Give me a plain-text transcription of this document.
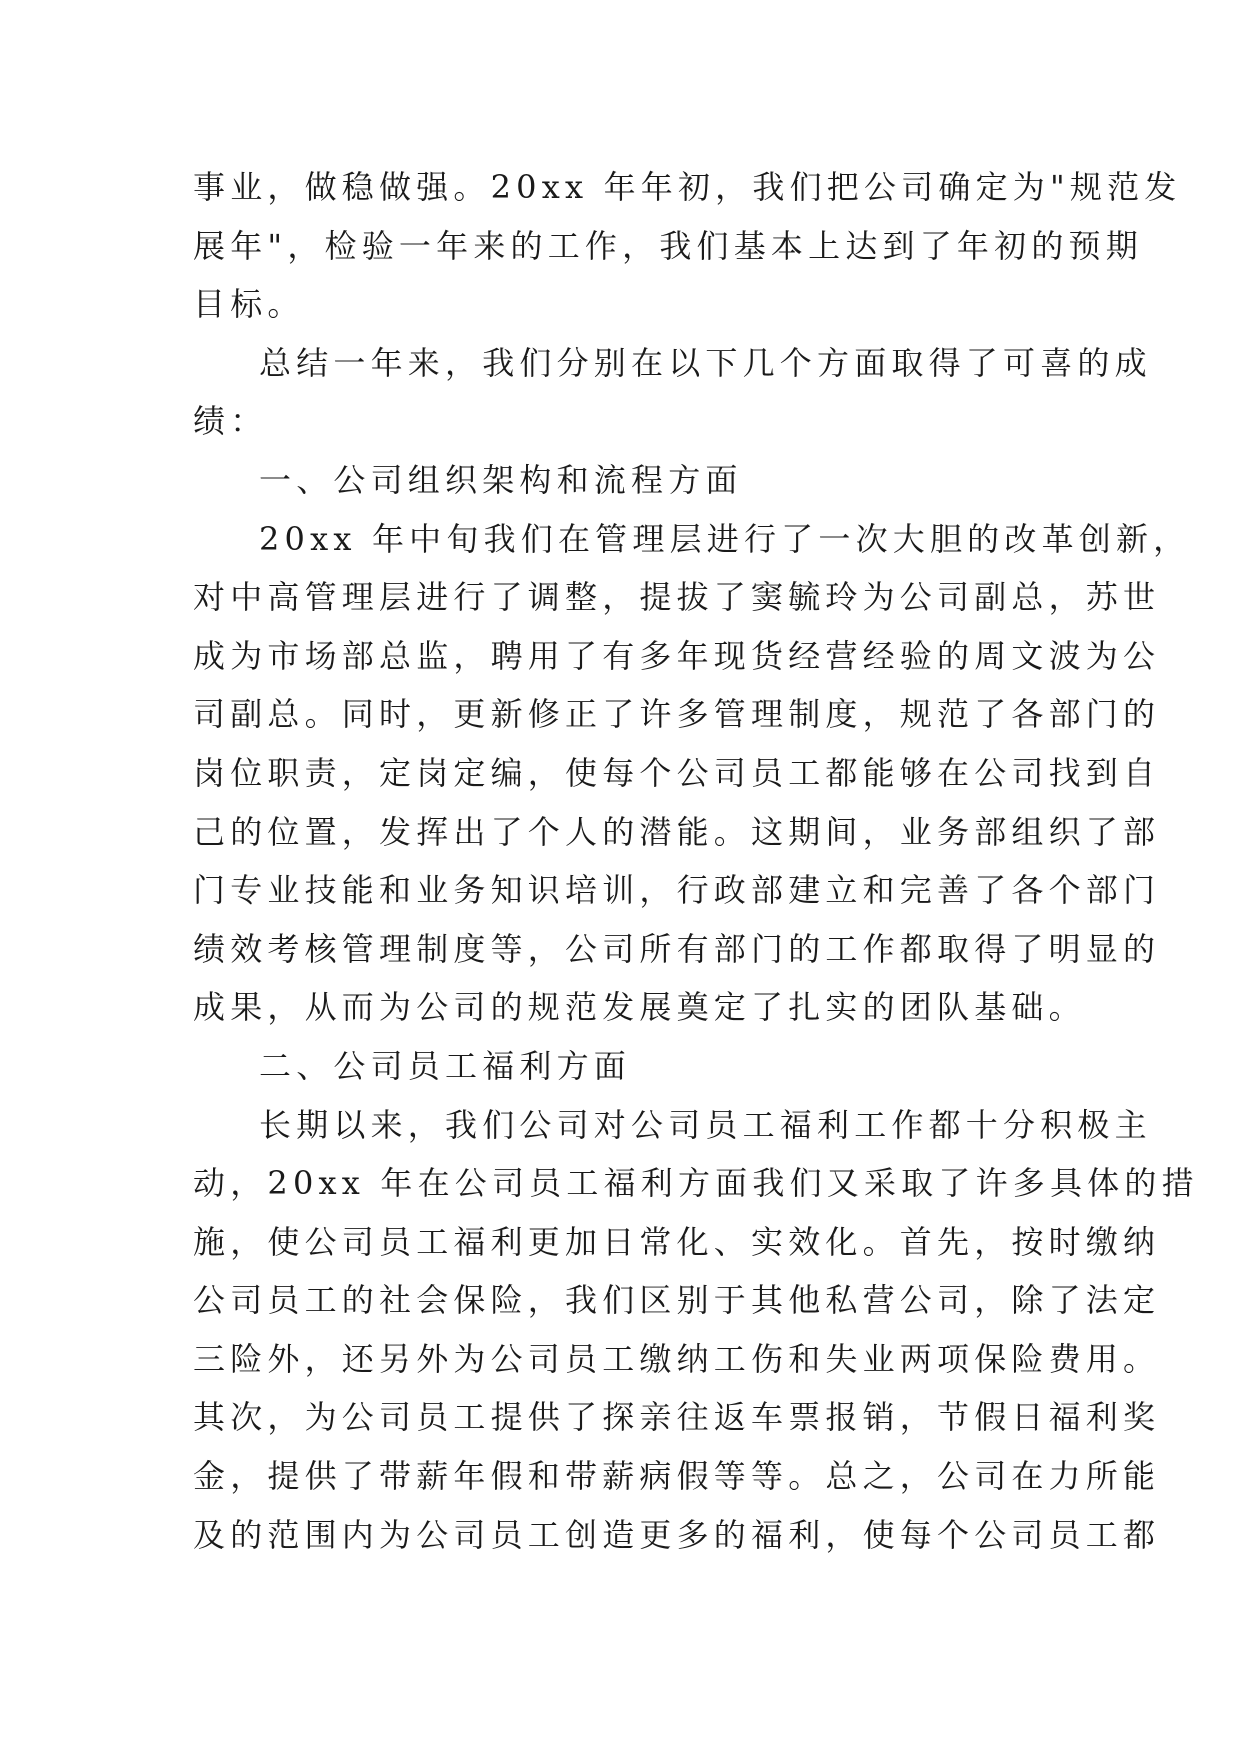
事业，做稳做强。20xx 年年初，我们把公司确定为"规范发
展年"，检验一年来的工作，我们基本上达到了年初的预期
目标。
总结一年来，我们分别在以下几个方面取得了可喜的成
绩：
一、公司组织架构和流程方面
20xx 年中旬我们在管理层进行了一次大胆的改革创新，
对中高管理层进行了调整，提拔了窦毓玲为公司副总，苏世
成为市场部总监，聘用了有多年现货经营经验的周文波为公
司副总。同时，更新修正了许多管理制度，规范了各部门的
岗位职责，定岗定编，使每个公司员工都能够在公司找到自
己的位置，发挥出了个人的潜能。这期间，业务部组织了部
门专业技能和业务知识培训，行政部建立和完善了各个部门
绩效考核管理制度等，公司所有部门的工作都取得了明显的
成果，从而为公司的规范发展奠定了扎实的团队基础。
二、公司员工福利方面
长期以来，我们公司对公司员工福利工作都十分积极主
动，20xx 年在公司员工福利方面我们又采取了许多具体的措
施，使公司员工福利更加日常化、实效化。首先，按时缴纳
公司员工的社会保险，我们区别于其他私营公司，除了法定
三险外，还另外为公司员工缴纳工伤和失业两项保险费用。
其次，为公司员工提供了探亲往返车票报销，节假日福利奖
金，提供了带薪年假和带薪病假等等。总之，公司在力所能
及的范围内为公司员工创造更多的福利，使每个公司员工都
